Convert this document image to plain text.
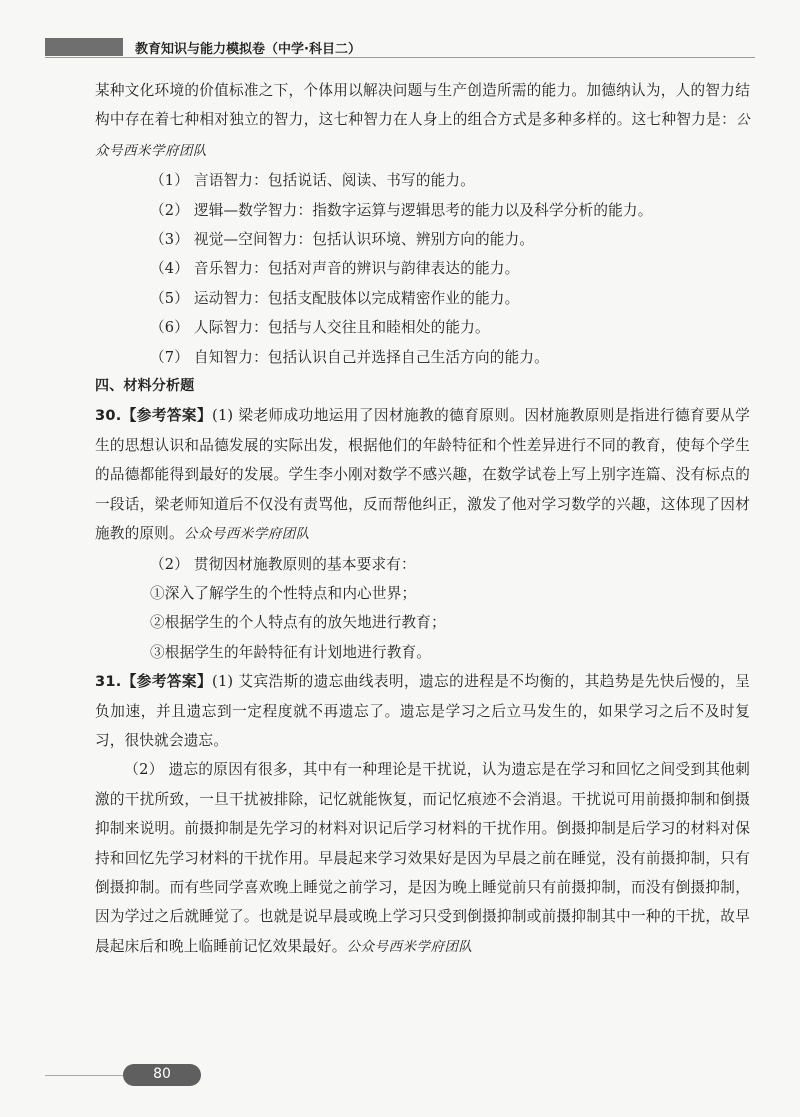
教育知识与能力模拟卷（中学·科目二）

某种文化环境的价值标准之下，个体用以解决问题与生产创造所需的能力。加德纳认为，人的智力结构中存在着七种相对独立的智力，这七种智力在人身上的组合方式是多种多样的。这七种智力是：公众号西米学府团队

（1） 言语智力：包括说话、阅读、书写的能力。

（2） 逻辑—数学智力：指数字运算与逻辑思考的能力以及科学分析的能力。

（3） 视觉—空间智力：包括认识环境、辨别方向的能力。

（4） 音乐智力：包括对声音的辨识与韵律表达的能力。

（5） 运动智力：包括支配肢体以完成精密作业的能力。

（6） 人际智力：包括与人交往且和睦相处的能力。

（7） 自知智力：包括认识自己并选择自己生活方向的能力。

四、材料分析题

30.【参考答案】(1) 梁老师成功地运用了因材施教的德育原则。因材施教原则是指进行德育要从学生的思想认识和品德发展的实际出发，根据他们的年龄特征和个性差异进行不同的教育，使每个学生的品德都能得到最好的发展。学生李小刚对数学不感兴趣，在数学试卷上写上别字连篇、没有标点的一段话，梁老师知道后不仅没有责骂他，反而帮他纠正，激发了他对学习数学的兴趣，这体现了因材施教的原则。公众号西米学府团队

（2） 贯彻因材施教原则的基本要求有：

①深入了解学生的个性特点和内心世界；

②根据学生的个人特点有的放矢地进行教育；

③根据学生的年龄特征有计划地进行教育。

31.【参考答案】(1) 艾宾浩斯的遗忘曲线表明，遗忘的进程是不均衡的，其趋势是先快后慢的，呈负加速，并且遗忘到一定程度就不再遗忘了。遗忘是学习之后立马发生的，如果学习之后不及时复习，很快就会遗忘。

（2） 遗忘的原因有很多，其中有一种理论是干扰说，认为遗忘是在学习和回忆之间受到其他刺激的干扰所致，一旦干扰被排除，记忆就能恢复，而记忆痕迹不会消退。干扰说可用前摄抑制和倒摄抑制来说明。前摄抑制是先学习的材料对识记后学习材料的干扰作用。倒摄抑制是后学习的材料对保持和回忆先学习材料的干扰作用。早晨起来学习效果好是因为早晨之前在睡觉，没有前摄抑制，只有倒摄抑制。而有些同学喜欢晚上睡觉之前学习，是因为晚上睡觉前只有前摄抑制，而没有倒摄抑制，因为学过之后就睡觉了。也就是说早晨或晚上学习只受到倒摄抑制或前摄抑制其中一种的干扰，故早晨起床后和晚上临睡前记忆效果最好。公众号西米学府团队

80
